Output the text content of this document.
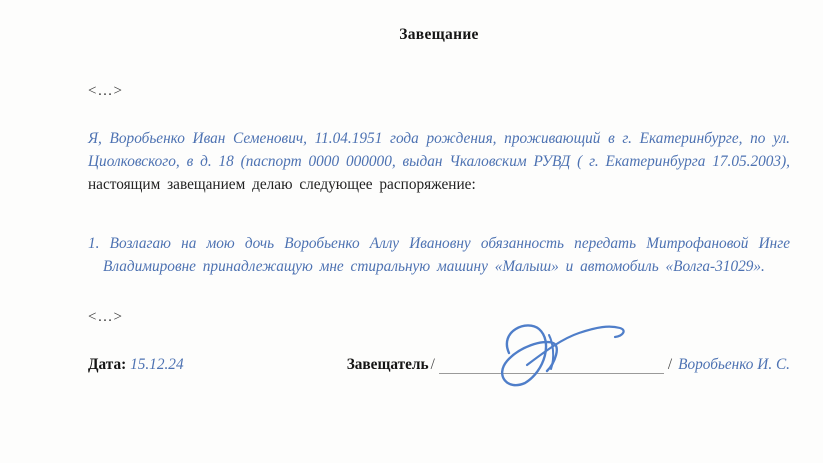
Завещание

<…>

Я, Воробьенко Иван Семенович, 11.04.1951 года рождения, проживающий в г. Екатеринбурге, по ул. Циолковского, в д. 18 (паспорт 0000 000000, выдан Чкаловским РУВД ( г. Екатеринбурга 17.05.2003), настоящим завещанием делаю следующее распоряжение:

1. Возлагаю на мою дочь Воробьенко Аллу Ивановну обязанность передать Митрофановой Инге Владимировне принадлежащую мне стиральную машину «Малыш» и автомобиль «Волга-31029».

<…>

Дата: 15.12.24	Завещатель /	/ Воробьенко И. С.
